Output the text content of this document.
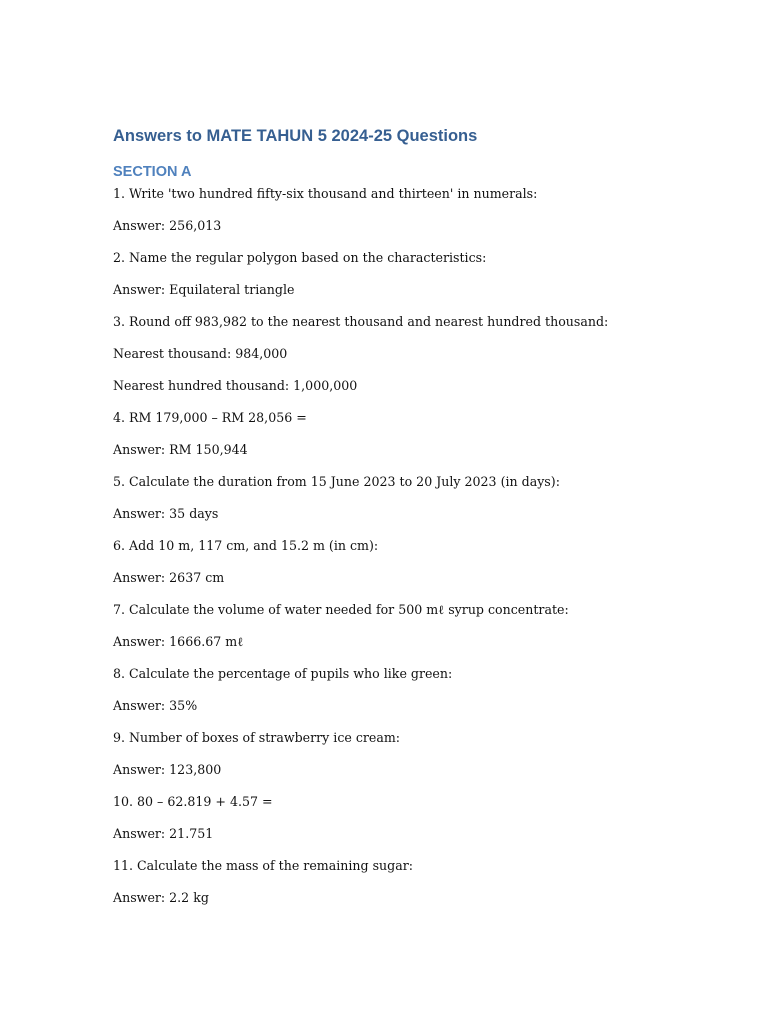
Answers to MATE TAHUN 5 2024-25 Questions
SECTION A
1. Write 'two hundred fifty-six thousand and thirteen' in numerals:
Answer: 256,013
2. Name the regular polygon based on the characteristics:
Answer: Equilateral triangle
3. Round off 983,982 to the nearest thousand and nearest hundred thousand:
Nearest thousand: 984,000
Nearest hundred thousand: 1,000,000
4. RM 179,000 – RM 28,056 =
Answer: RM 150,944
5. Calculate the duration from 15 June 2023 to 20 July 2023 (in days):
Answer: 35 days
6. Add 10 m, 117 cm, and 15.2 m (in cm):
Answer: 2637 cm
7. Calculate the volume of water needed for 500 mℓ syrup concentrate:
Answer: 1666.67 mℓ
8. Calculate the percentage of pupils who like green:
Answer: 35%
9. Number of boxes of strawberry ice cream:
Answer: 123,800
10. 80 – 62.819 + 4.57 =
Answer: 21.751
11. Calculate the mass of the remaining sugar:
Answer: 2.2 kg
